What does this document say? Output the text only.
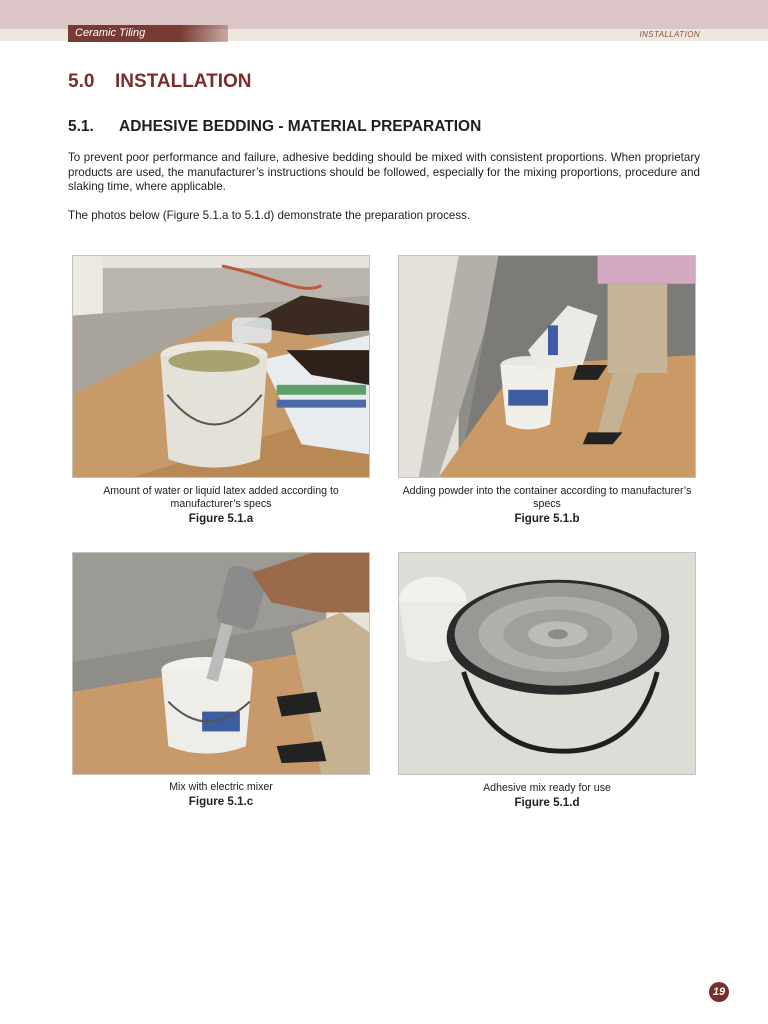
Ceramic Tiling	INSTALLATION
5.0 INSTALLATION
5.1. ADHESIVE BEDDING - MATERIAL PREPARATION

To prevent poor performance and failure, adhesive bedding should be mixed with consistent proportions. When proprietary products are used, the manufacturer’s instructions should be followed, especially for the mixing proportions, procedure and slaking time, where applicable.

The photos below (Figure 5.1.a to 5.1.d) demonstrate the preparation process.

Amount of water or liquid latex added according to manufacturer’s specs
Figure 5.1.a
Adding powder into the container according to manufacturer’s specs
Figure 5.1.b
Mix with electric mixer
Figure 5.1.c
Adhesive mix ready for use
Figure 5.1.d
19
